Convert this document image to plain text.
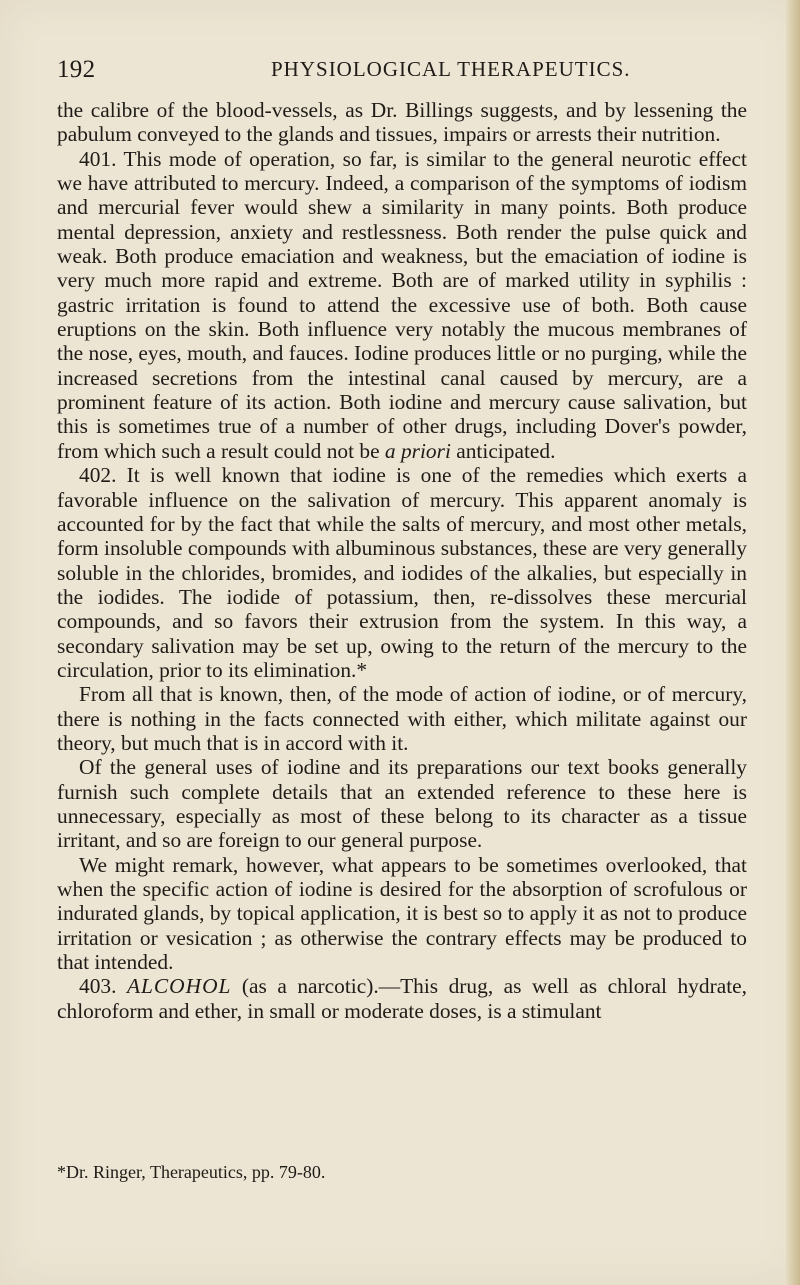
192	PHYSIOLOGICAL THERAPEUTICS.

the calibre of the blood-vessels, as Dr. Billings suggests, and by lessening the pabulum conveyed to the glands and tissues, impairs or arrests their nutrition.

401. This mode of operation, so far, is similar to the general neurotic effect we have attributed to mercury. Indeed, a comparison of the symptoms of iodism and mercurial fever would shew a similarity in many points. Both produce mental depression, anxiety and restlessness. Both render the pulse quick and weak. Both produce emaciation and weakness, but the emaciation of iodine is very much more rapid and extreme. Both are of marked utility in syphilis : gastric irritation is found to attend the excessive use of both. Both cause eruptions on the skin. Both influence very notably the mucous membranes of the nose, eyes, mouth, and fauces. Iodine produces little or no purging, while the increased secretions from the intestinal canal caused by mercury, are a prominent feature of its action. Both iodine and mercury cause salivation, but this is sometimes true of a number of other drugs, including Dover's powder, from which such a result could not be a priori anticipated.

402. It is well known that iodine is one of the remedies which exerts a favorable influence on the salivation of mercury. This apparent anomaly is accounted for by the fact that while the salts of mercury, and most other metals, form insoluble compounds with albuminous substances, these are very generally soluble in the chlorides, bromides, and iodides of the alkalies, but especially in the iodides. The iodide of potassium, then, re-dissolves these mercurial compounds, and so favors their extrusion from the system. In this way, a secondary salivation may be set up, owing to the return of the mercury to the circulation, prior to its elimination.*

From all that is known, then, of the mode of action of iodine, or of mercury, there is nothing in the facts connected with either, which militate against our theory, but much that is in accord with it.

Of the general uses of iodine and its preparations our text books generally furnish such complete details that an extended reference to these here is unnecessary, especially as most of these belong to its character as a tissue irritant, and so are foreign to our general purpose.

We might remark, however, what appears to be sometimes overlooked, that when the specific action of iodine is desired for the absorption of scrofulous or indurated glands, by topical application, it is best so to apply it as not to produce irritation or vesication ; as otherwise the contrary effects may be produced to that intended.

403. ALCOHOL (as a narcotic).—This drug, as well as chloral hydrate, chloroform and ether, in small or moderate doses, is a stimulant

*Dr. Ringer, Therapeutics, pp. 79-80.
